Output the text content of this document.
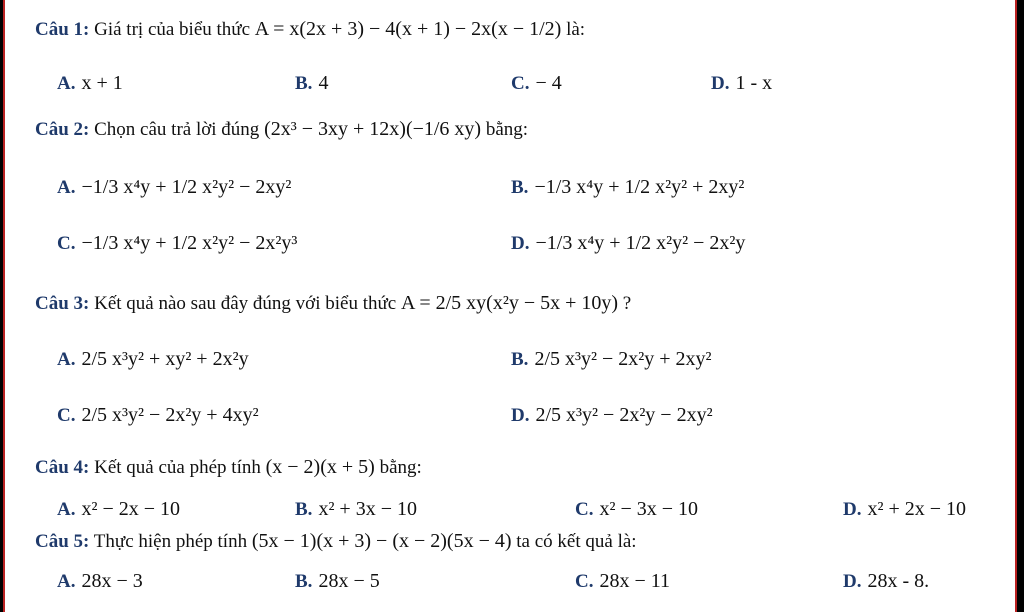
Câu 1: Giá trị của biểu thức A = x(2x + 3) − 4(x + 1) − 2x(x − 1/2) là:
A. x + 1	B. 4	C. − 4	D. 1 - x
Câu 2: Chọn câu trả lời đúng (2x³ − 3xy + 12x)(−1/6 xy) bằng:
A. −1/3 x⁴y + 1/2 x²y² − 2xy²	B. −1/3 x⁴y + 1/2 x²y² + 2xy²
C. −1/3 x⁴y + 1/2 x²y² − 2x²y³	D. −1/3 x⁴y + 1/2 x²y² − 2x²y
Câu 3: Kết quả nào sau đây đúng với biểu thức A = 2/5 xy(x²y − 5x + 10y) ?
A. 2/5 x³y² + xy² + 2x²y	B. 2/5 x³y² − 2x²y + 2xy²
C. 2/5 x³y² − 2x²y + 4xy²	D. 2/5 x³y² − 2x²y − 2xy²
Câu 4: Kết quả của phép tính (x − 2)(x + 5) bằng:
A. x² − 2x − 10	B. x² + 3x − 10	C. x² − 3x − 10	D. x² + 2x − 10
Câu 5: Thực hiện phép tính (5x − 1)(x + 3) − (x − 2)(5x − 4) ta có kết quả là:
A. 28x − 3	B. 28x − 5	C. 28x − 11	D. 28x - 8.
